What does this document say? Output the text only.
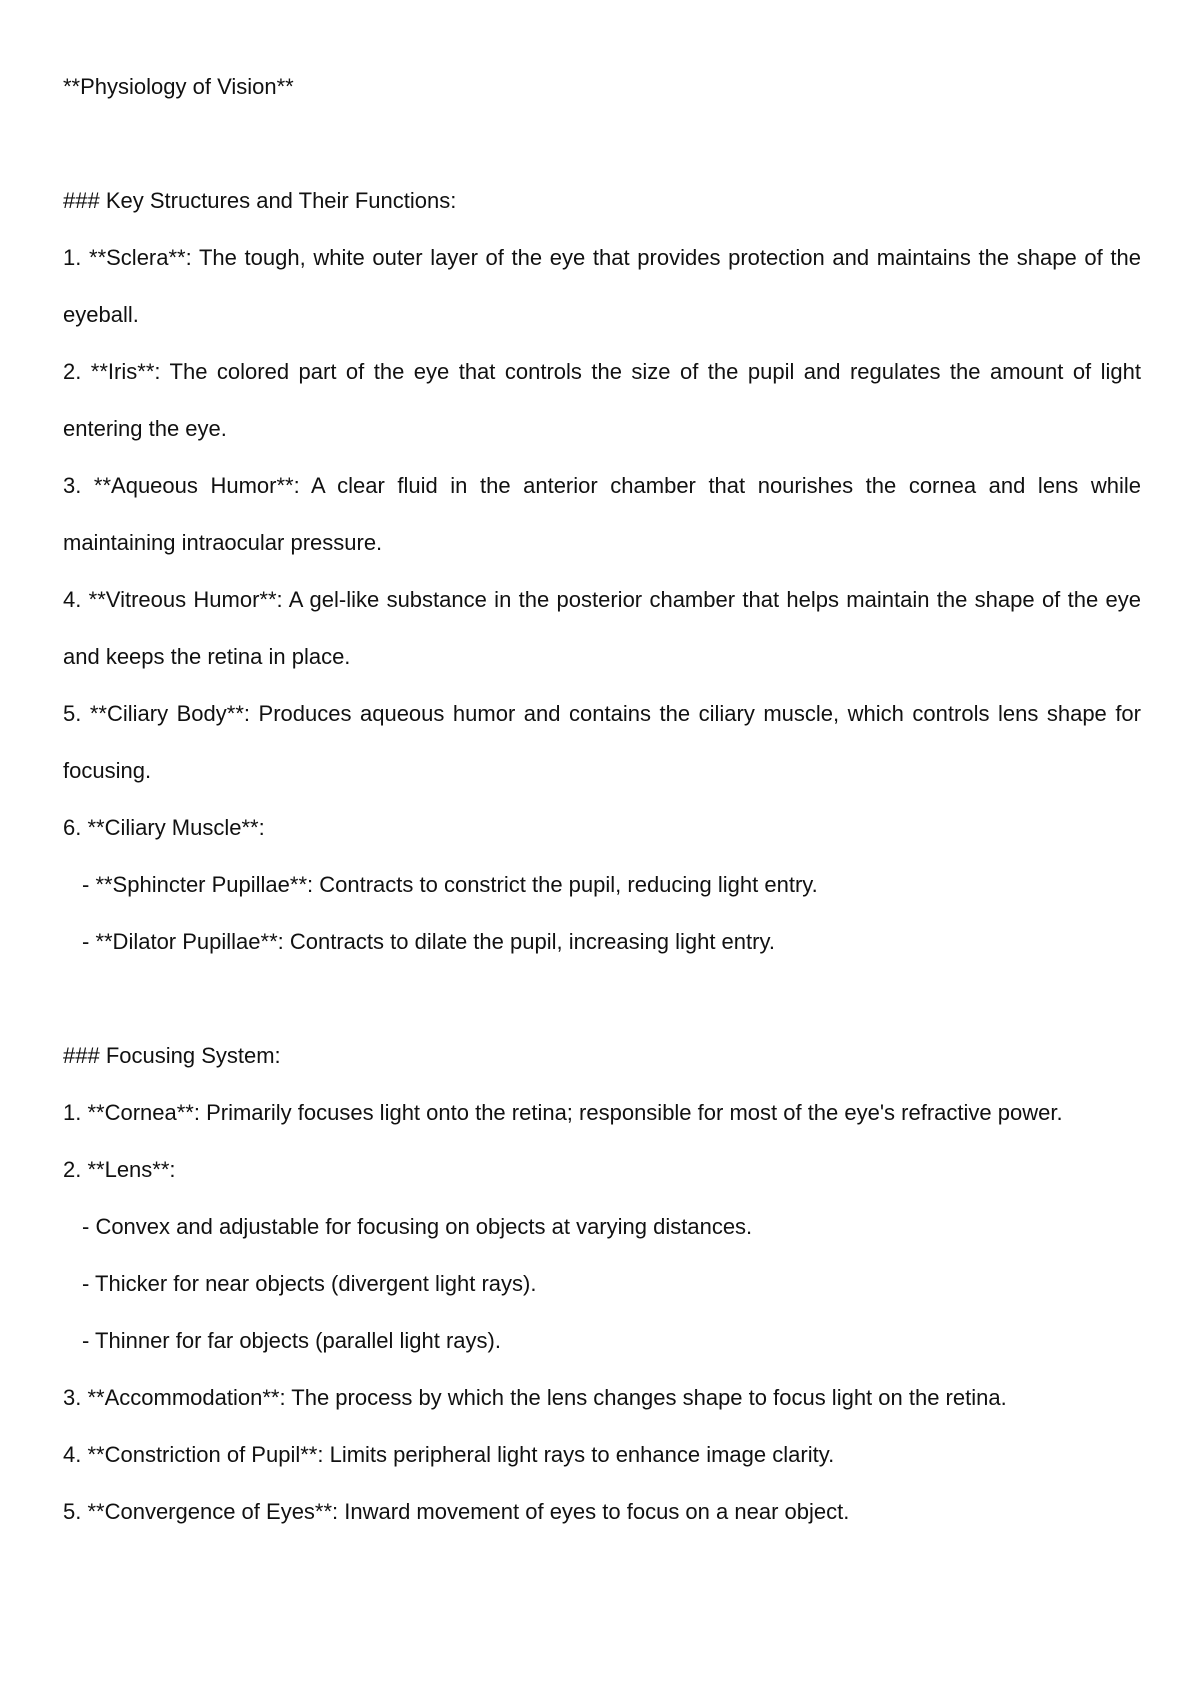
**Physiology of Vision**

### Key Structures and Their Functions:

1. **Sclera**: The tough, white outer layer of the eye that provides protection and maintains the shape of the eyeball.

2. **Iris**: The colored part of the eye that controls the size of the pupil and regulates the amount of light entering the eye.

3. **Aqueous Humor**: A clear fluid in the anterior chamber that nourishes the cornea and lens while maintaining intraocular pressure.

4. **Vitreous Humor**: A gel-like substance in the posterior chamber that helps maintain the shape of the eye and keeps the retina in place.

5. **Ciliary Body**: Produces aqueous humor and contains the ciliary muscle, which controls lens shape for focusing.

6. **Ciliary Muscle**:

- **Sphincter Pupillae**: Contracts to constrict the pupil, reducing light entry.

- **Dilator Pupillae**: Contracts to dilate the pupil, increasing light entry.

### Focusing System:

1. **Cornea**: Primarily focuses light onto the retina; responsible for most of the eye's refractive power.

2. **Lens**:

- Convex and adjustable for focusing on objects at varying distances.

- Thicker for near objects (divergent light rays).

- Thinner for far objects (parallel light rays).

3. **Accommodation**: The process by which the lens changes shape to focus light on the retina.

4. **Constriction of Pupil**: Limits peripheral light rays to enhance image clarity.

5. **Convergence of Eyes**: Inward movement of eyes to focus on a near object.
